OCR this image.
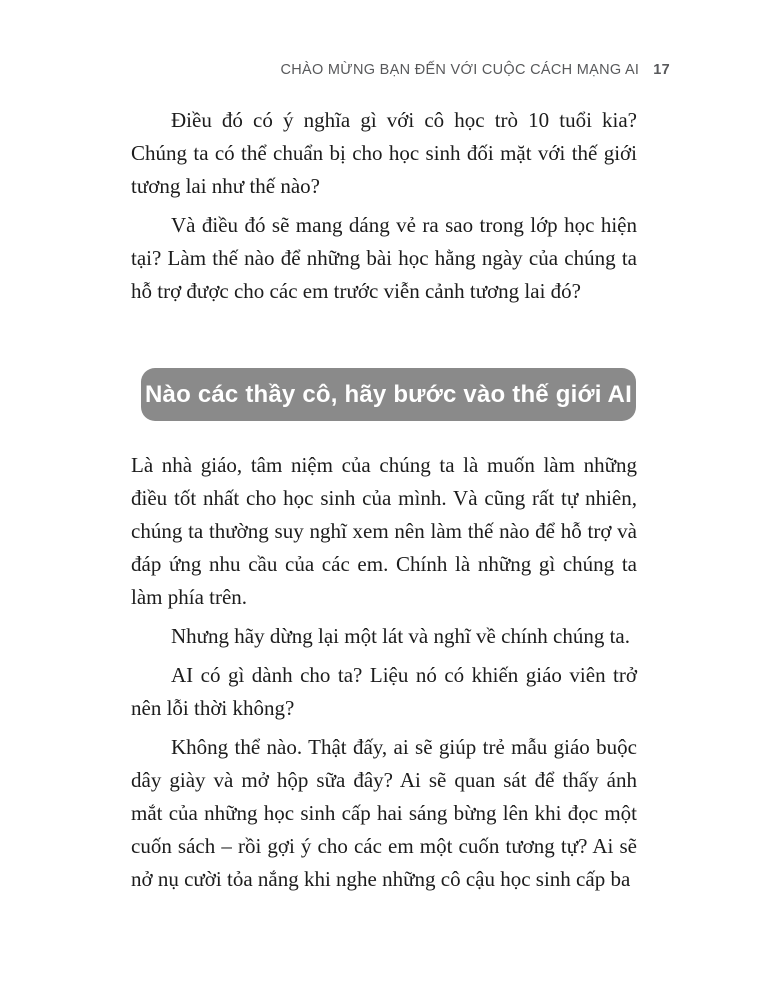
CHÀO MỪNG BẠN ĐẾN VỚI CUỘC CÁCH MẠNG AI 17

Điều đó có ý nghĩa gì với cô học trò 10 tuổi kia? Chúng ta có thể chuẩn bị cho học sinh đối mặt với thế giới tương lai như thế nào?

Và điều đó sẽ mang dáng vẻ ra sao trong lớp học hiện tại? Làm thế nào để những bài học hằng ngày của chúng ta hỗ trợ được cho các em trước viễn cảnh tương lai đó?

Nào các thầy cô, hãy bước vào thế giới AI

Là nhà giáo, tâm niệm của chúng ta là muốn làm những điều tốt nhất cho học sinh của mình. Và cũng rất tự nhiên, chúng ta thường suy nghĩ xem nên làm thế nào để hỗ trợ và đáp ứng nhu cầu của các em. Chính là những gì chúng ta làm phía trên.

Nhưng hãy dừng lại một lát và nghĩ về chính chúng ta.

AI có gì dành cho ta? Liệu nó có khiến giáo viên trở nên lỗi thời không?

Không thể nào. Thật đấy, ai sẽ giúp trẻ mẫu giáo buộc dây giày và mở hộp sữa đây? Ai sẽ quan sát để thấy ánh mắt của những học sinh cấp hai sáng bừng lên khi đọc một cuốn sách – rồi gợi ý cho các em một cuốn tương tự? Ai sẽ nở nụ cười tỏa nắng khi nghe những cô cậu học sinh cấp ba
